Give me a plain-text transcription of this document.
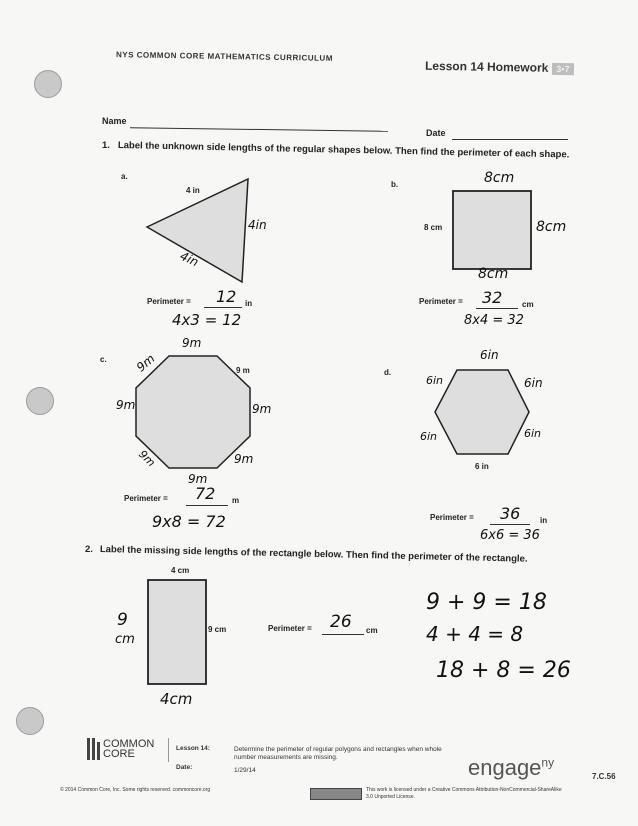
NYS COMMON CORE MATHEMATICS CURRICULUM
Lesson 14 Homework 3•7
Name
Date
1. Label the unknown side lengths of the regular shapes below. Then find the perimeter of each shape.
a.
4 in
4in
4in
Perimeter = 12 in
4x3 = 12
b.	8cm
8 cm	8cm
8cm
Perimeter = 32 cm
8x4 = 32
c.
9m
9 m
9m
9m	9m
9m	9m
9m
Perimeter = 72 m
9x8 = 72
d.
6in
6in	6in
6in	6in
6 in
Perimeter = 36 in
6x6 = 36
2. Label the missing side lengths of the rectangle below. Then find the perimeter of the rectangle.
4 cm
9 cm
9
cm
4cm
Perimeter = 26 cm
9 + 9 = 18
4 + 4 = 8
18 + 8 = 26
COMMON
CORE	Lesson 14:
Date:
Determine the perimeter of regular polygons and rectangles when whole number measurements are missing.
1/29/14	engage$^{ny}$
7.C.56
© 2014 Common Core, Inc. Some rights reserved. commoncore.org	This work is licensed under a Creative Commons Attribution-NonCommercial-ShareAlike 3.0 Unported License.
